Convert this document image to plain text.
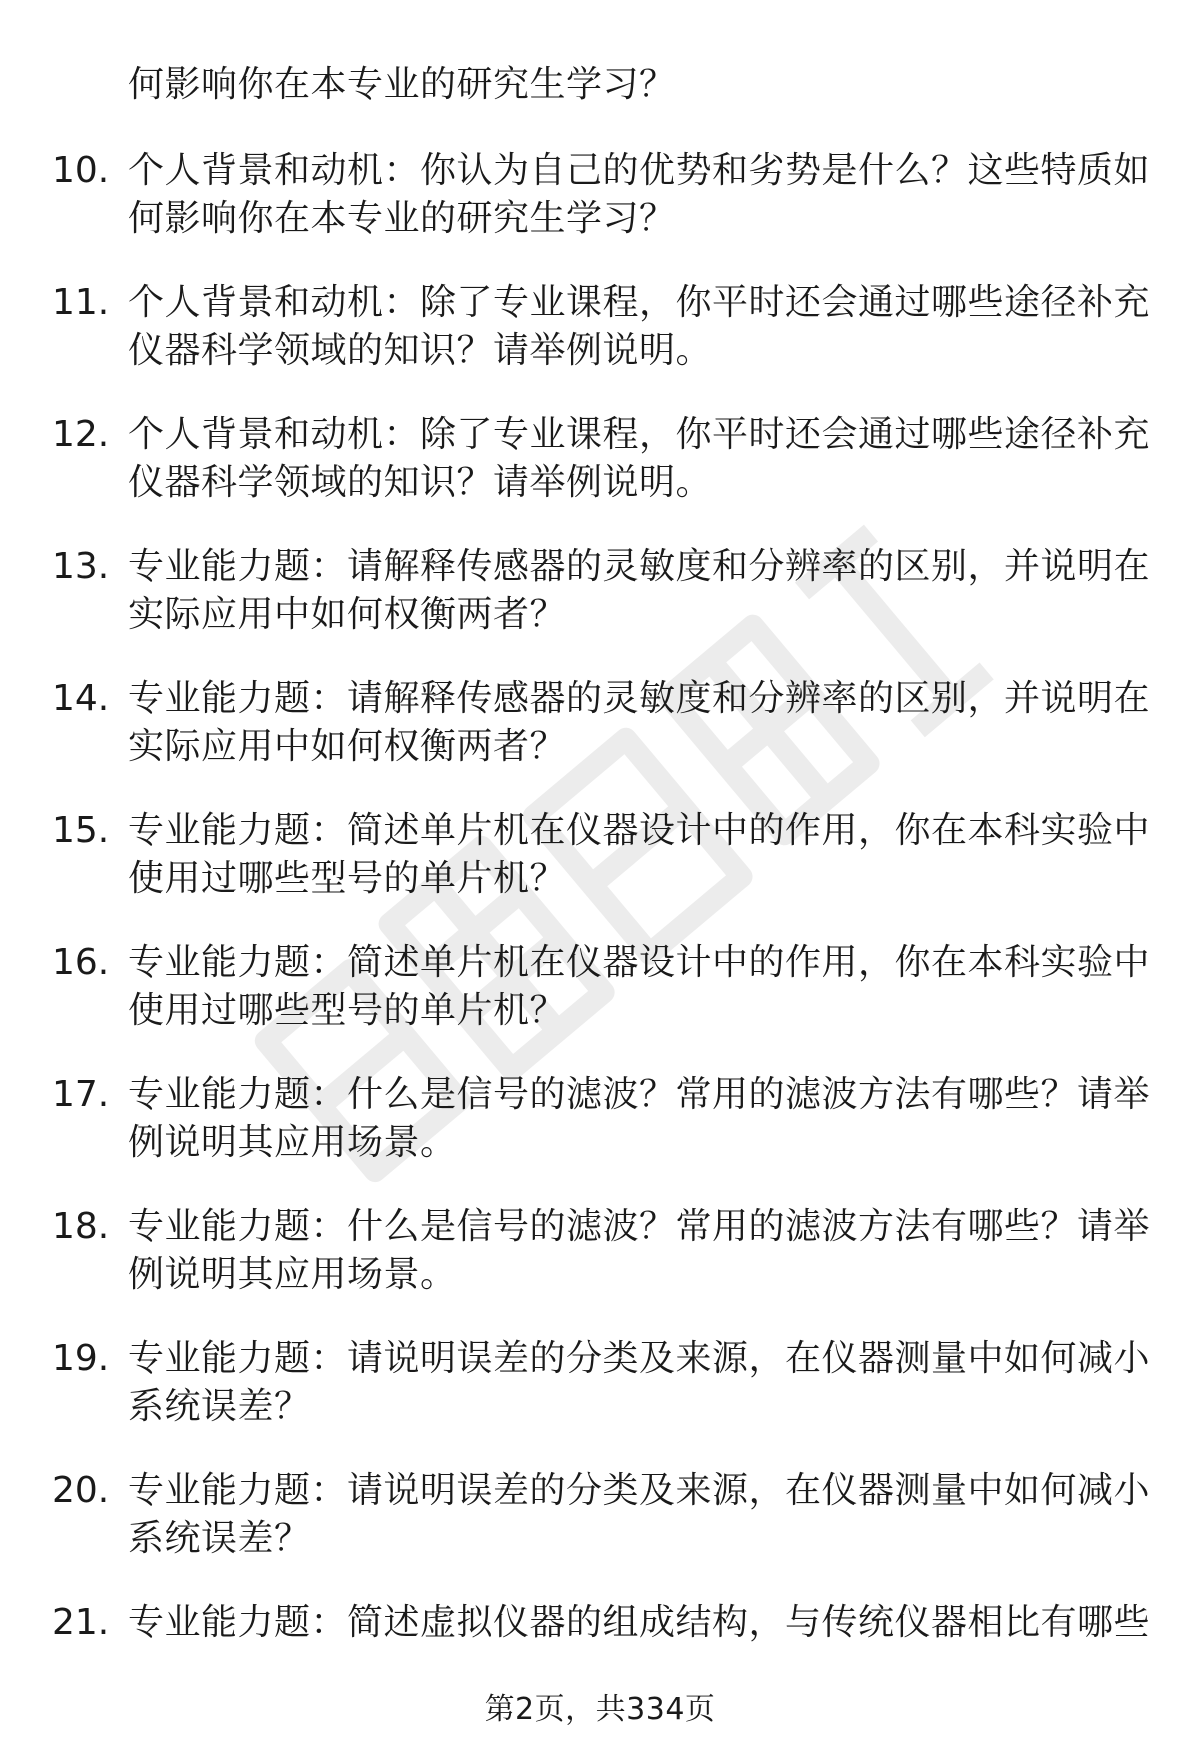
何影响你在本专业的研究生学习？
10. 个人背景和动机：你认为自己的优势和劣势是什么？这些特质如
何影响你在本专业的研究生学习？
11. 个人背景和动机：除了专业课程，你平时还会通过哪些途径补充
仪器科学领域的知识？请举例说明。
12. 个人背景和动机：除了专业课程，你平时还会通过哪些途径补充
仪器科学领域的知识？请举例说明。
13. 专业能力题：请解释传感器的灵敏度和分辨率的区别，并说明在
实际应用中如何权衡两者？
14. 专业能力题：请解释传感器的灵敏度和分辨率的区别，并说明在
实际应用中如何权衡两者？
15. 专业能力题：简述单片机在仪器设计中的作用，你在本科实验中
使用过哪些型号的单片机？
16. 专业能力题：简述单片机在仪器设计中的作用，你在本科实验中
使用过哪些型号的单片机？
17. 专业能力题：什么是信号的滤波？常用的滤波方法有哪些？请举
例说明其应用场景。
18. 专业能力题：什么是信号的滤波？常用的滤波方法有哪些？请举
例说明其应用场景。
19. 专业能力题：请说明误差的分类及来源，在仪器测量中如何减小
系统误差？
20. 专业能力题：请说明误差的分类及来源，在仪器测量中如何减小
系统误差？
21. 专业能力题：简述虚拟仪器的组成结构，与传统仪器相比有哪些
第2页，共334页
